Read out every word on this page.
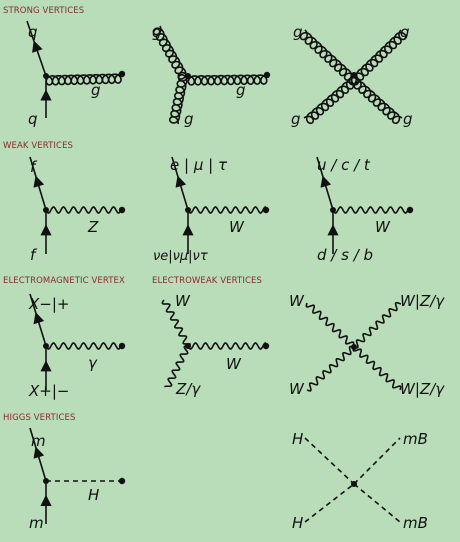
STRONG VERTICES
WEAK VERTICES
ELECTROMAGNETIC VERTEX	ELECTROWEAK VERTICES
HIGGS VERTICES
q
q
g
g
g
g
g	g
g	g
f
f
Z
e | μ | τ
νe|νμ|ντ
W
u / c / t
d / s / b
W
X−|+
X+|−
γ
W
Z/γ
W
W	W|Z/γ
W	W|Z/γ
m
m
H
H
H
mB
mB
